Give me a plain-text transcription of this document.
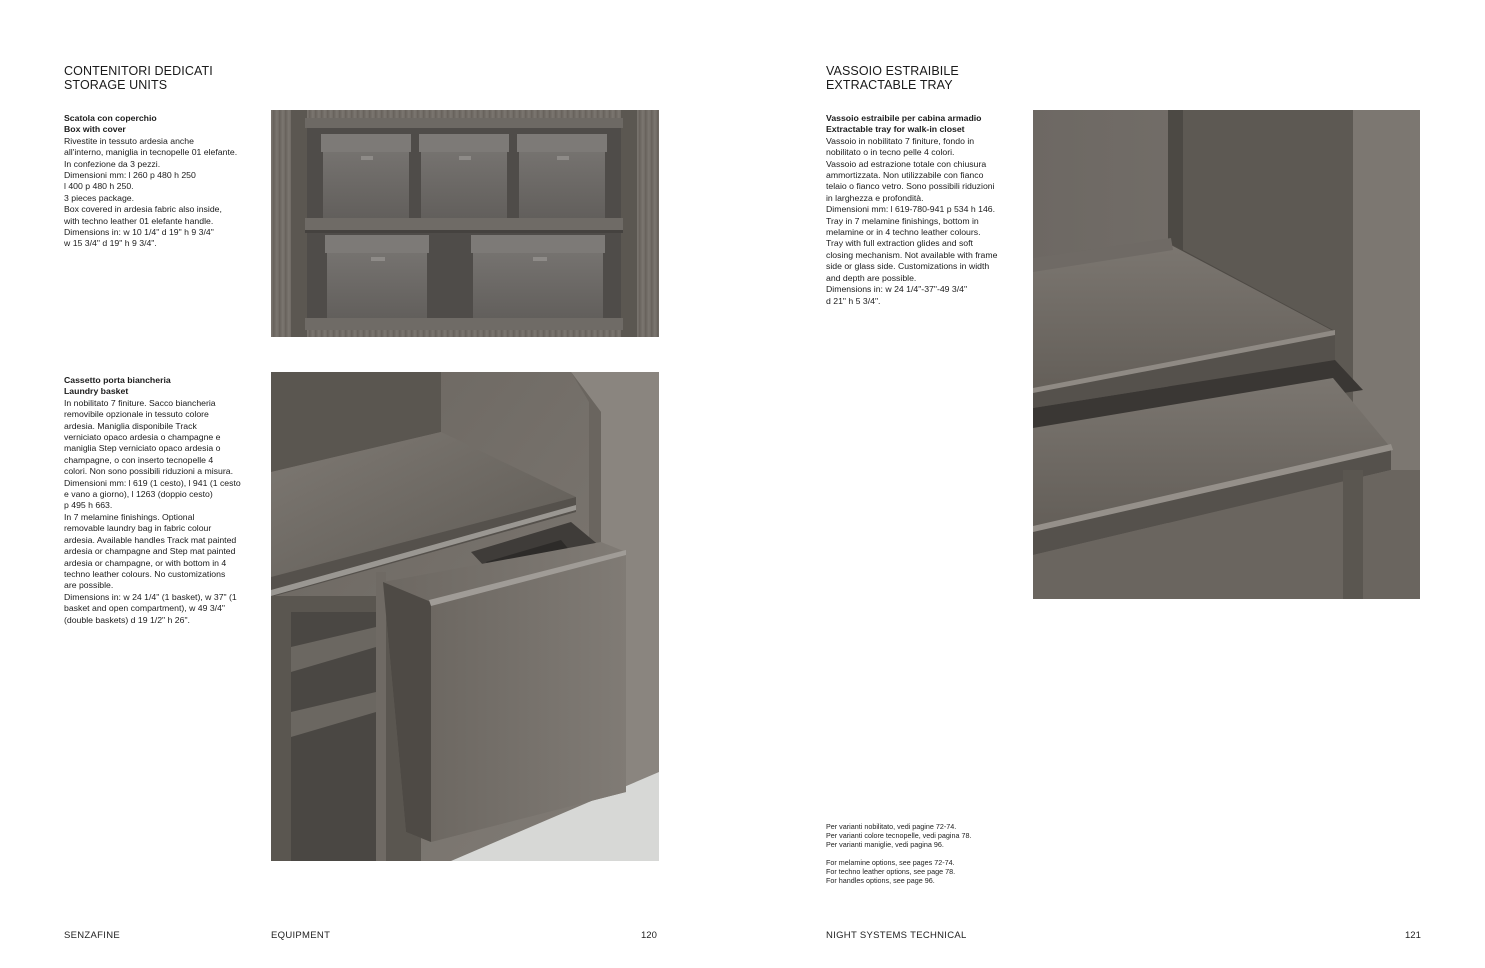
CONTENITORI DEDICATI
STORAGE UNITS
Scatola con coperchio
Box with cover
Rivestite in tessuto ardesia anche
all'interno, maniglia in tecnopelle 01 elefante.
In confezione da 3 pezzi.
Dimensioni mm: l 260 p 480 h 250
l 400 p 480 h 250.
3 pieces package.
Box covered in ardesia fabric also inside,
with techno leather 01 elefante handle.
Dimensions in: w 10 1/4" d 19" h 9 3/4"
w 15 3/4" d 19" h 9 3/4".
Cassetto porta biancheria
Laundry basket
In nobilitato 7 finiture. Sacco biancheria
removibile opzionale in tessuto colore
ardesia. Maniglia disponibile Track
verniciato opaco ardesia o champagne e
maniglia Step verniciato opaco ardesia o
champagne, o con inserto tecnopelle 4
colori. Non sono possibili riduzioni a misura.
Dimensioni mm: l 619 (1 cesto), l 941 (1 cesto
e vano a giorno), l 1263 (doppio cesto)
p 495 h 663.
In 7 melamine finishings. Optional
removable laundry bag in fabric colour
ardesia. Available handles Track mat painted
ardesia or champagne and Step mat painted
ardesia or champagne, or with bottom in 4
techno leather colours. No customizations
are possible.
Dimensions in: w 24 1/4" (1 basket), w 37" (1
basket and open compartment), w 49 3/4"
(double baskets) d 19 1/2" h 26".
SENZAFINE	EQUIPMENT	120
VASSOIO ESTRAIBILE
EXTRACTABLE TRAY
Vassoio estraibile per cabina armadio
Extractable tray for walk-in closet
Vassoio in nobilitato 7 finiture, fondo in
nobilitato o in tecno pelle 4 colori.
Vassoio ad estrazione totale con chiusura
ammortizzata. Non utilizzabile con fianco
telaio o fianco vetro. Sono possibili riduzioni
in larghezza e profondità.
Dimensioni mm: l 619-780-941 p 534 h 146.
Tray in 7 melamine finishings, bottom in
melamine or in 4 techno leather colours.
Tray with full extraction glides and soft
closing mechanism. Not available with frame
side or glass side. Customizations in width
and depth are possible.
Dimensions in: w 24 1/4"-37"-49 3/4"
d 21" h 5 3/4".
Per varianti nobilitato, vedi pagine 72-74.
Per varianti colore tecnopelle, vedi pagina 78.
Per varianti maniglie, vedi pagina 96.
For melamine options, see pages 72-74.
For techno leather options, see page 78.
For handles options, see page 96.
NIGHT SYSTEMS TECHNICAL	121
